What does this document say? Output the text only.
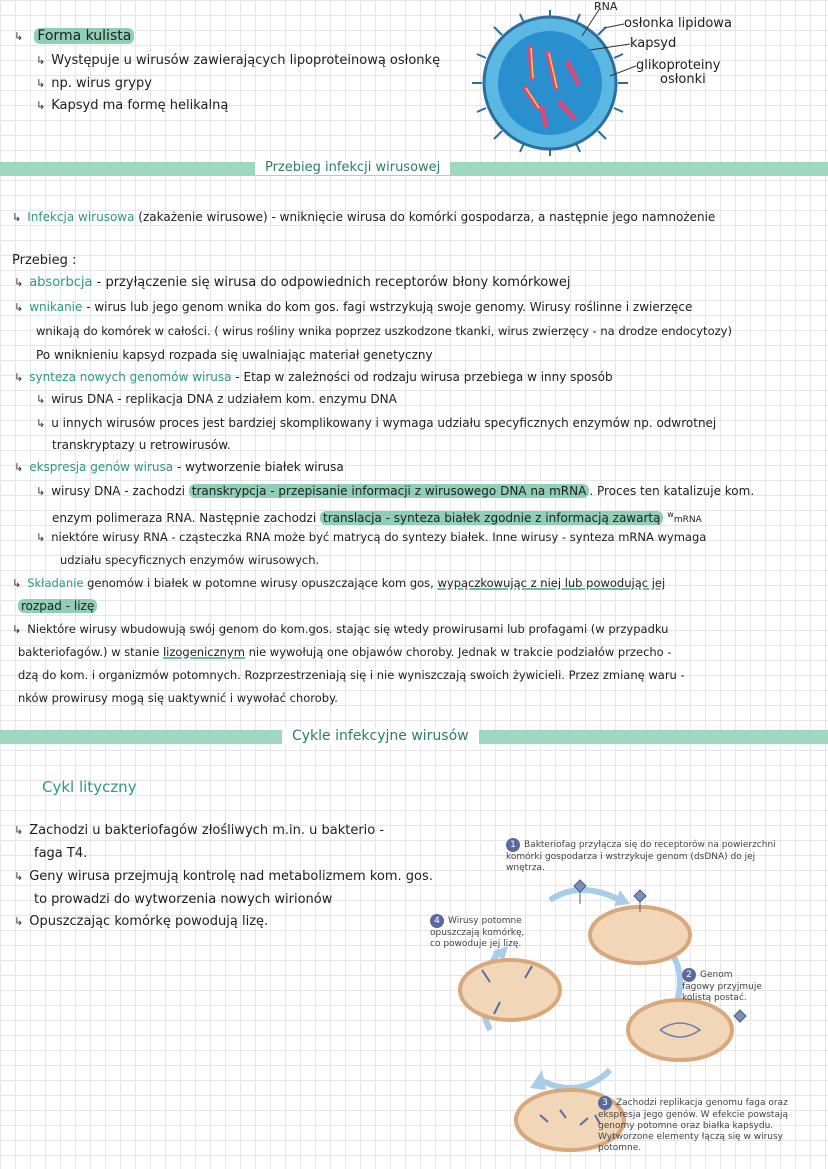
↳ Forma kulista
↳ Występuje u wirusów zawierających lipoproteinową osłonkę
↳ np. wirus grypy
↳ Kapsyd ma formę helikalną
RNA
osłonka lipidowa
kapsyd
glikoproteiny
osłonki
Przebieg infekcji wirusowej
↳ Infekcja wirusowa (zakażenie wirusowe) - wniknięcie wirusa do komórki gospodarza, a następnie jego namnożenie
Przebieg :
↳ absorbcja - przyłączenie się wirusa do odpowiednich receptorów błony komórkowej
↳ wnikanie - wirus lub jego genom wnika do kom gos. fagi wstrzykują swoje genomy. Wirusy roślinne i zwierzęce
wnikają do komórek w całości. ( wirus rośliny wnika poprzez uszkodzone tkanki, wirus zwierzęcy - na drodze endocytozy)
Po wniknieniu kapsyd rozpada się uwalniając materiał genetyczny
↳ synteza nowych genomów wirusa - Etap w zależności od rodzaju wirusa przebiega w inny sposób
↳ wirus DNA - replikacja DNA z udziałem kom. enzymu DNA
↳ u innych wirusów proces jest bardziej skomplikowany i wymaga udziału specyficznych enzymów np. odwrotnej
transkryptazy u retrowirusów.
↳ ekspresja genów wirusa - wytworzenie białek wirusa
↳ wirusy DNA - zachodzi transkrypcja - przepisanie informacji z wirusowego DNA na mRNA . Proces ten katalizuje kom.
enzym polimeraza RNA. Następnie zachodzi translacja - synteza białek zgodnie z informacją zawartą $^w$mRNA
↳ niektóre wirusy RNA - cząsteczka RNA może być matrycą do syntezy białek. Inne wirusy - synteza mRNA wymaga
udziału specyficznych enzymów wirusowych.
↳ Składanie genomów i białek w potomne wirusy opuszczające kom gos, wypączkowując z niej lub powodując jej
rozpad - lizę
↳ Niektóre wirusy wbudowują swój genom do kom.gos. stając się wtedy prowirusami lub profagami (w przypadku
bakteriofagów.) w stanie lizogenicznym nie wywołują one objawów choroby. Jednak w trakcie podziałów przecho -
dzą do kom. i organizmów potomnych. Rozprzestrzeniają się i nie wyniszczają swoich żywicieli. Przez zmianę waru -
nków prowirusy mogą się uaktywnić i wywołać choroby.
Cykle infekcyjne wirusów
Cykl lityczny
↳ Zachodzi u bakteriofagów złośliwych m.in. u bakterio -
faga T4.
↳ Geny wirusa przejmują kontrolę nad metabolizmem kom. gos.
to prowadzi do wytworzenia nowych wirionów
↳ Opuszczając komórkę powodują lizę.
1 Bakteriofag przyłącza się do receptorów na powierzchni komórki gospodarza i wstrzykuje genom (dsDNA) do jej wnętrza.
4 Wirusy potomne opuszczają komórkę, co powoduje jej lizę.
2 Genom fagowy przyjmuje kolistą postać.
3 Zachodzi replikacja genomu faga oraz ekspresja jego genów. W efekcie powstają genomy potomne oraz białka kapsydu. Wytworzone elementy łączą się w wirusy potomne.
